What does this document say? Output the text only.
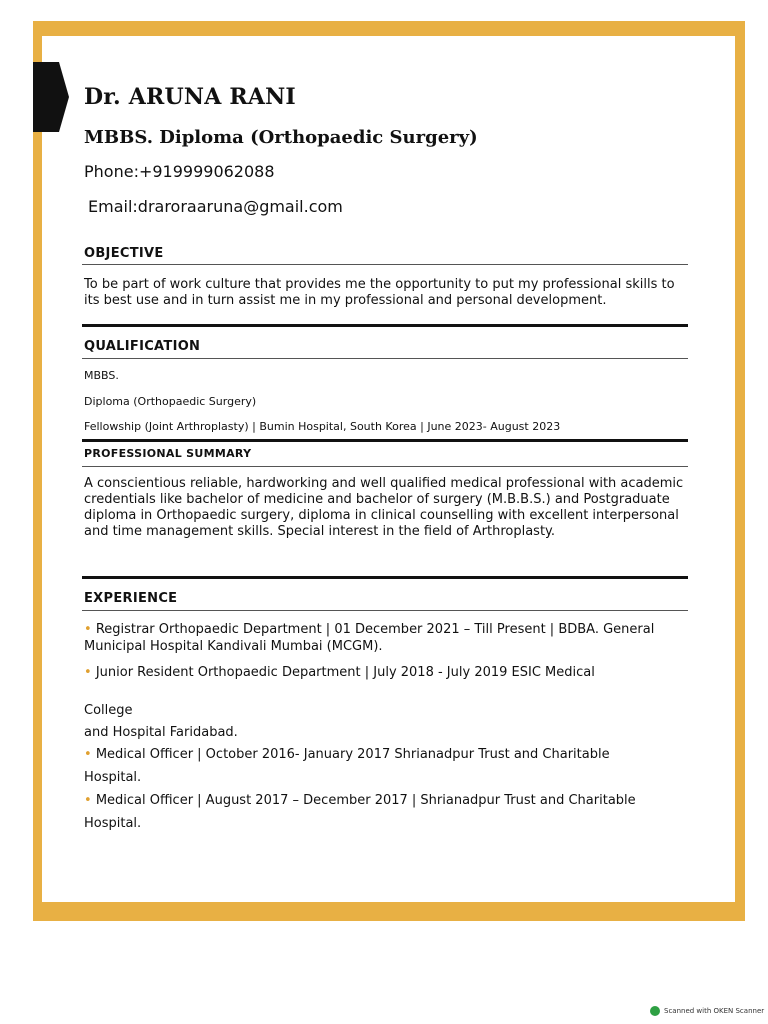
Dr. ARUNA RANI
MBBS. Diploma (Orthopaedic Surgery)
Phone:+919999062088
Email:draroraaruna@gmail.com
OBJECTIVE
To be part of work culture that provides me the opportunity to put my professional skills to its best use and in turn assist me in my professional and personal development.
QUALIFICATION
MBBS.
Diploma (Orthopaedic Surgery)
Fellowship (Joint Arthroplasty) | Bumin Hospital, South Korea | June 2023- August 2023
PROFESSIONAL SUMMARY
A conscientious reliable, hardworking and well qualified medical professional with academic credentials like bachelor of medicine and bachelor of surgery (M.B.B.S.) and Postgraduate diploma in Orthopaedic surgery, diploma in clinical counselling with excellent interpersonal and time management skills. Special interest in the field of Arthroplasty.
EXPERIENCE
• Registrar Orthopaedic Department | 01 December 2021 – Till Present | BDBA. General Municipal Hospital Kandivali Mumbai (MCGM).
• Junior Resident Orthopaedic Department | July 2018 - July 2019 ESIC Medical
College
and Hospital Faridabad.
• Medical Officer | October 2016- January 2017 Shrianadpur Trust and Charitable
Hospital.
• Medical Officer | August 2017 – December 2017 | Shrianadpur Trust and Charitable
Hospital.
Scanned with OKEN Scanner
